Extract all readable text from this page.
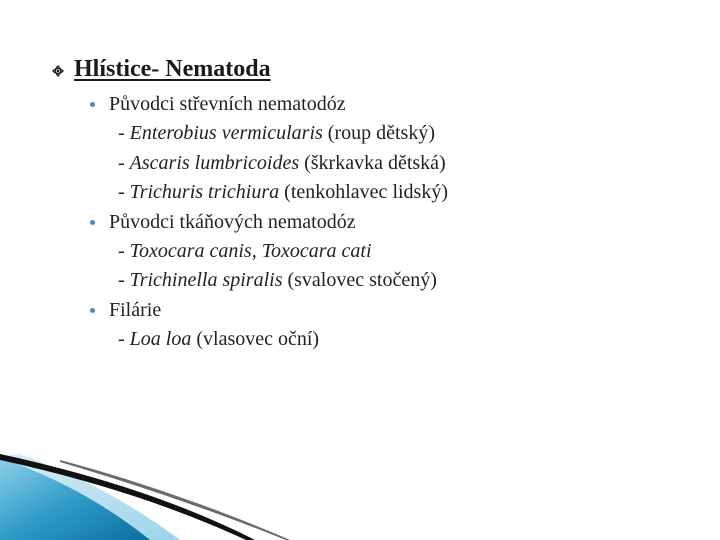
Hlístice- Nematoda
Původci střevních nematodóz
- Enterobius vermicularis (roup dětský)
- Ascaris lumbricoides (škrkavka dětská)
- Trichuris trichiura (tenkohlavec lidský)
Původci tkáňových nematodóz
- Toxocara canis, Toxocara cati
- Trichinella spiralis (svalovec stočený)
Filárie
- Loa loa (vlasovec oční)
